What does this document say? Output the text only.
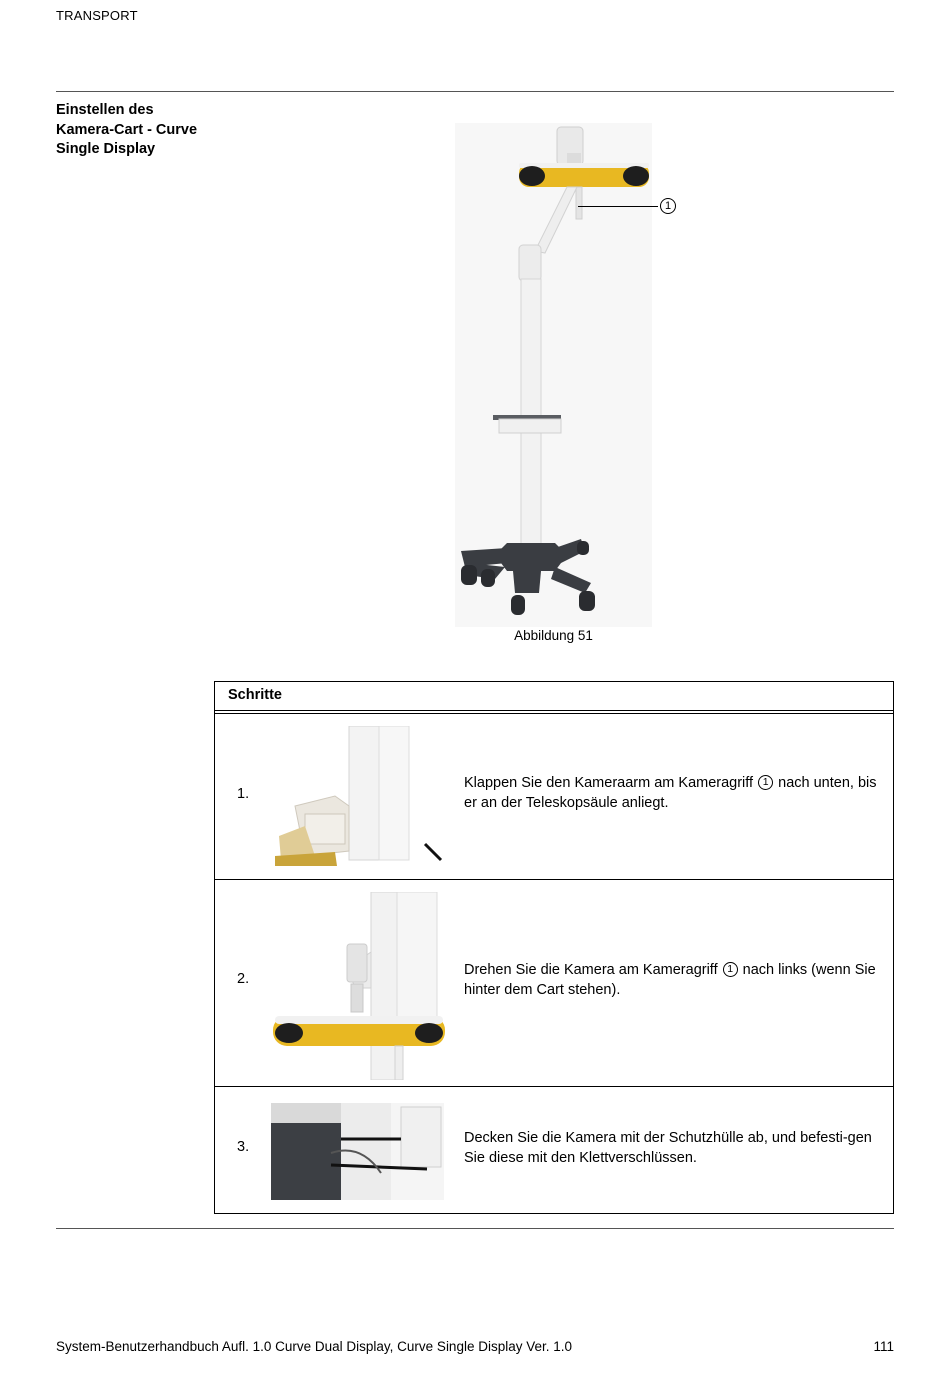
TRANSPORT
Einstellen des Kamera-Cart - Curve Single Display
1
Abbildung 51
Schritte
1.
Klappen Sie den Kameraarm am Kameragriff 1 nach unten, bis er an der Teleskopsäule anliegt.
2.
Drehen Sie die Kamera am Kameragriff 1 nach links (wenn Sie hinter dem Cart stehen).
3.
Decken Sie die Kamera mit der Schutzhülle ab, und befesti-gen Sie diese mit den Klettverschlüssen.
System-Benutzerhandbuch Aufl. 1.0 Curve Dual Display, Curve Single Display Ver. 1.0	111
